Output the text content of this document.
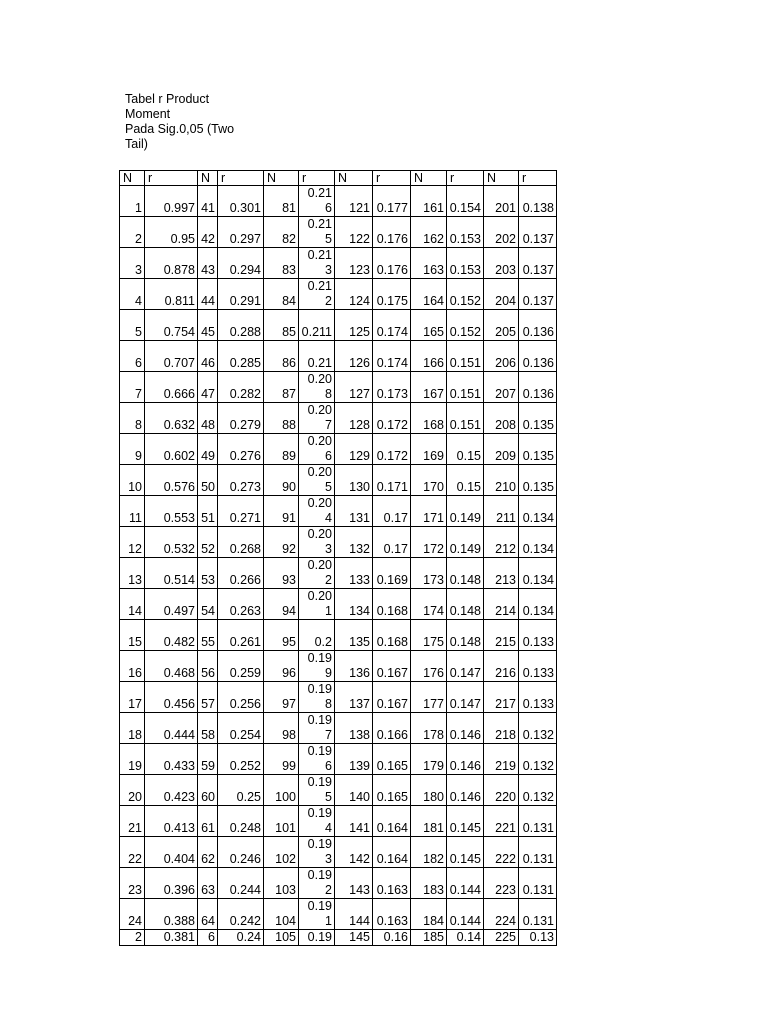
Tabel r Product
Moment
Pada Sig.0,05 (Two
Tail)
N	r	N	r	N	r	N	r	N	r	N	r
1	0.997	41	0.301	81	0.216	121	0.177	161	0.154	201	0.138
2	0.95	42	0.297	82	0.215	122	0.176	162	0.153	202	0.137
3	0.878	43	0.294	83	0.213	123	0.176	163	0.153	203	0.137
4	0.811	44	0.291	84	0.212	124	0.175	164	0.152	204	0.137
5	0.754	45	0.288	85	0.211	125	0.174	165	0.152	205	0.136
6	0.707	46	0.285	86	0.21	126	0.174	166	0.151	206	0.136
7	0.666	47	0.282	87	0.208	127	0.173	167	0.151	207	0.136
8	0.632	48	0.279	88	0.207	128	0.172	168	0.151	208	0.135
9	0.602	49	0.276	89	0.206	129	0.172	169	0.15	209	0.135
10	0.576	50	0.273	90	0.205	130	0.171	170	0.15	210	0.135
11	0.553	51	0.271	91	0.204	131	0.17	171	0.149	211	0.134
12	0.532	52	0.268	92	0.203	132	0.17	172	0.149	212	0.134
13	0.514	53	0.266	93	0.202	133	0.169	173	0.148	213	0.134
14	0.497	54	0.263	94	0.201	134	0.168	174	0.148	214	0.134
15	0.482	55	0.261	95	0.2	135	0.168	175	0.148	215	0.133
16	0.468	56	0.259	96	0.199	136	0.167	176	0.147	216	0.133
17	0.456	57	0.256	97	0.198	137	0.167	177	0.147	217	0.133
18	0.444	58	0.254	98	0.197	138	0.166	178	0.146	218	0.132
19	0.433	59	0.252	99	0.196	139	0.165	179	0.146	219	0.132
20	0.423	60	0.25	100	0.195	140	0.165	180	0.146	220	0.132
21	0.413	61	0.248	101	0.194	141	0.164	181	0.145	221	0.131
22	0.404	62	0.246	102	0.193	142	0.164	182	0.145	222	0.131
23	0.396	63	0.244	103	0.192	143	0.163	183	0.144	223	0.131
24	0.388	64	0.242	104	0.191	144	0.163	184	0.144	224	0.131
2	0.381	6	0.24	105	0.19	145	0.16	185	0.14	225	0.13
